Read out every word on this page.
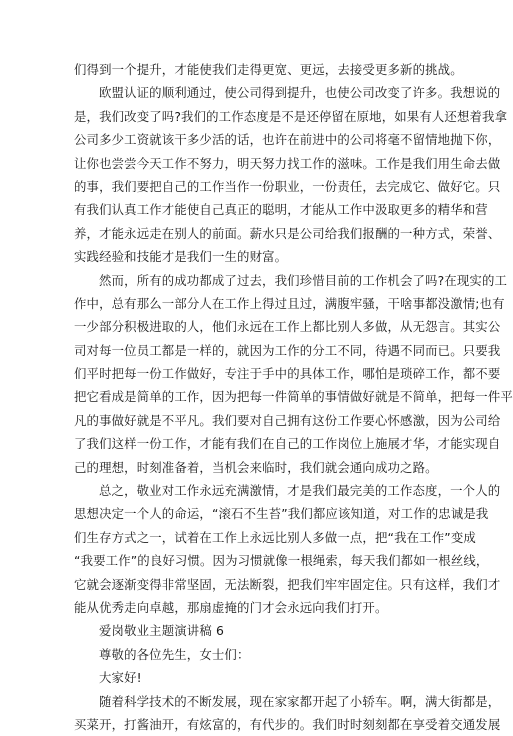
们得到一个提升，才能使我们走得更宽、更远，去接受更多新的挑战。
欧盟认证的顺利通过，使公司得到提升，也使公司改变了许多。我想说的
是，我们改变了吗?我们的工作态度是不是还停留在原地，如果有人还想着我拿
公司多少工资就该干多少活的话，也许在前进中的公司将毫不留情地抛下你，
让你也尝尝今天工作不努力，明天努力找工作的滋味。工作是我们用生命去做
的事，我们要把自己的工作当作一份职业，一份责任，去完成它、做好它。只
有我们认真工作才能使自己真正的聪明，才能从工作中汲取更多的精华和营
养，才能永远走在别人的前面。薪水只是公司给我们报酬的一种方式，荣誉、
实践经验和技能才是我们一生的财富。
然而，所有的成功都成了过去，我们珍惜目前的工作机会了吗?在现实的工
作中，总有那么一部分人在工作上得过且过，满腹牢骚，干啥事都没激情;也有
一少部分积极进取的人，他们永远在工作上都比别人多做，从无怨言。其实公
司对每一位员工都是一样的，就因为工作的分工不同，待遇不同而已。只要我
们平时把每一份工作做好，专注于手中的具体工作，哪怕是琐碎工作，都不要
把它看成是简单的工作，因为把每一件简单的事情做好就是不简单，把每一件平
凡的事做好就是不平凡。我们要对自己拥有这份工作要心怀感激，因为公司给
了我们这样一份工作，才能有我们在自己的工作岗位上施展才华，才能实现自
己的理想，时刻准备着，当机会来临时，我们就会通向成功之路。
总之，敬业对工作永远充满激情，才是我们最完美的工作态度，一个人的
思想决定一个人的命运，“滚石不生苔”我们都应该知道，对工作的忠诚是我
们生存方式之一，试着在工作上永远比别人多做一点，把“我在工作”变成
“我要工作”的良好习惯。因为习惯就像一根绳索，每天我们都如一根丝线，
它就会逐渐变得非常坚固，无法断裂，把我们牢牢固定住。只有这样，我们才
能从优秀走向卓越，那扇虚掩的门才会永远向我们打开。
爱岗敬业主题演讲稿 6
尊敬的各位先生，女士们：
大家好!
随着科学技术的不断发展，现在家家都开起了小轿车。啊，满大街都是，
买菜开，打酱油开，有炫富的，有代步的。我们时时刻刻都在享受着交通发展
